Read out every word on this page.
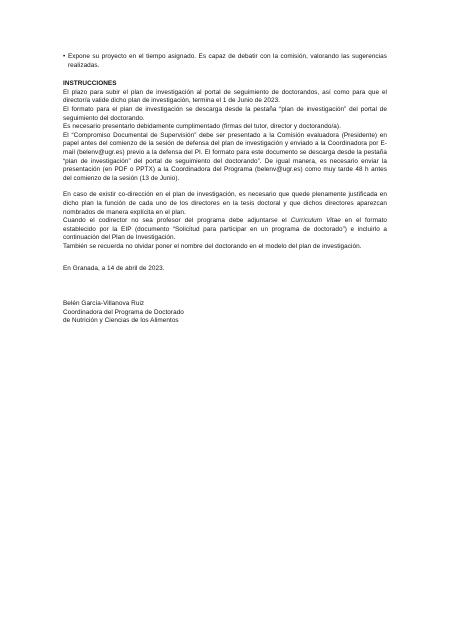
• Expone su proyecto en el tiempo asignado. Es capaz de debatir con la comisión, valorando las sugerencias realizadas.

INSTRUCCIONES

El plazo para subir el plan de investigación al portal de seguimiento de doctorandos, así como para que el director/a valide dicho plan de investigación, termina el 1 de Junio de 2023.

El formato para el plan de investigación se descarga desde la pestaña “plan de investigación” del portal de seguimiento del doctorando.

Es necesario presentarlo debidamente cumplimentado (firmas del tutor, director y doctorando/a).

El “Compromiso Documental de Supervisión” debe ser presentado a la Comisión evaluadora (Presidente) en papel antes del comienzo de la sesión de defensa del plan de investigación y enviado a la Coordinadora por E-mail (belenv@ugr.es) previo a la defensa del PI. El formato para este documento se descarga desde la pestaña “plan de investigación” del portal de seguimiento del doctorando”. De igual manera, es necesario enviar la presentación (en PDF o PPTX) a la Coordinadora del Programa (belenv@ugr.es) como muy tarde 48 h antes del comienzo de la sesión (13 de Junio).

En caso de existir co-dirección en el plan de investigación, es necesario que quede plenamente justificada en dicho plan la función de cada uno de los directores en la tesis doctoral y que dichos directores aparezcan nombrados de manera explícita en el plan.

Cuando el codirector no sea profesor del programa debe adjuntarse el Curriculum Vitae en el formato establecido por la EIP (documento “Solicitud para participar en un programa de doctorado”) e incluirlo a continuación del Plan de Investigación.

También se recuerda no olvidar poner el nombre del doctorando en el modelo del plan de investigación.

En Granada, a 14 de abril de 2023.

Belén García-Villanova Ruiz

Coordinadora del Programa de Doctorado

de Nutrición y Ciencias de los Alimentos
